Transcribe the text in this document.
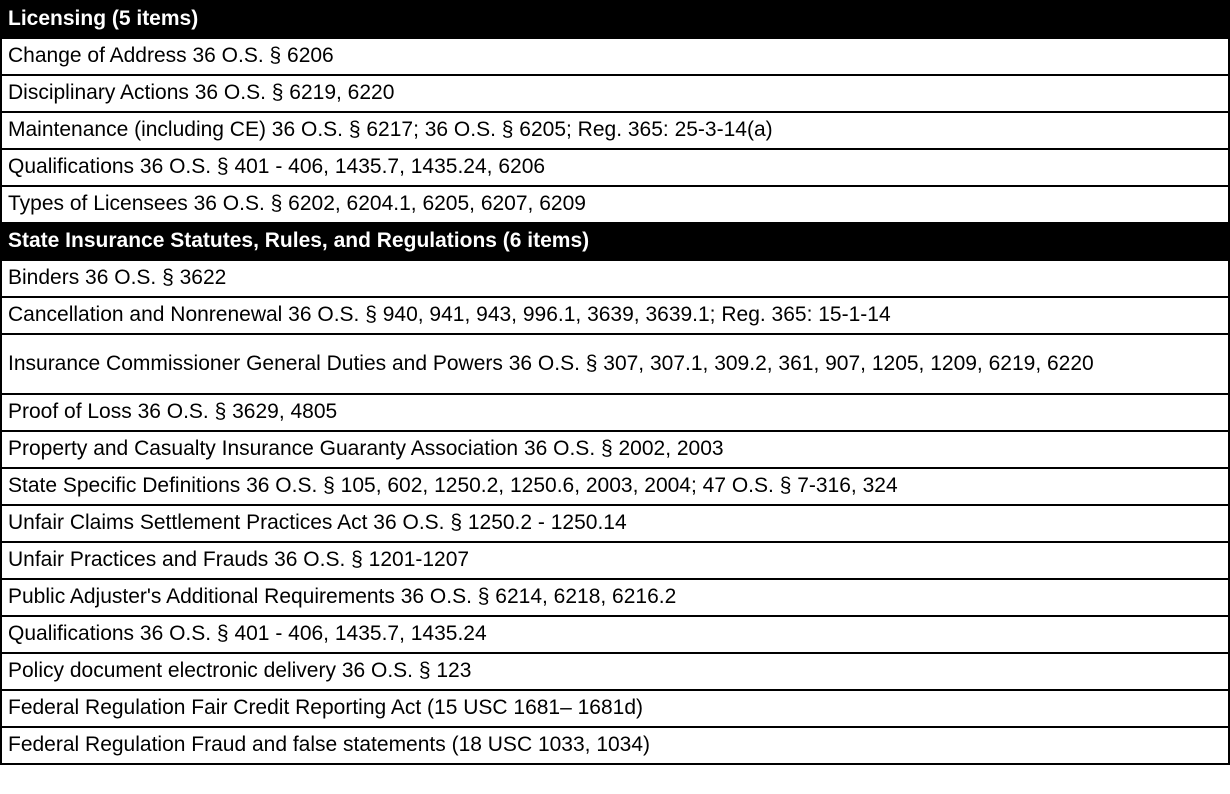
Licensing (5 items)
Change of Address 36 O.S. § 6206
Disciplinary Actions 36 O.S. § 6219, 6220
Maintenance (including CE) 36 O.S. § 6217; 36 O.S. § 6205; Reg. 365: 25-3-14(a)
Qualifications 36 O.S. § 401 - 406, 1435.7, 1435.24, 6206
Types of Licensees 36 O.S. § 6202, 6204.1, 6205, 6207, 6209
State Insurance Statutes, Rules, and Regulations (6 items)
Binders 36 O.S. § 3622
Cancellation and Nonrenewal 36 O.S. § 940, 941, 943, 996.1, 3639, 3639.1; Reg. 365: 15-1-14
Insurance Commissioner General Duties and Powers 36 O.S. § 307, 307.1, 309.2, 361, 907, 1205, 1209, 6219, 6220
Proof of Loss 36 O.S. § 3629, 4805
Property and Casualty Insurance Guaranty Association 36 O.S. § 2002, 2003
State Specific Definitions 36 O.S. § 105, 602, 1250.2, 1250.6, 2003, 2004; 47 O.S. § 7-316, 324
Unfair Claims Settlement Practices Act 36 O.S. § 1250.2 - 1250.14
Unfair Practices and Frauds 36 O.S. § 1201-1207
Public Adjuster's Additional Requirements 36 O.S. § 6214, 6218, 6216.2
Qualifications 36 O.S. § 401 - 406, 1435.7, 1435.24
Policy document electronic delivery 36 O.S. § 123
Federal Regulation Fair Credit Reporting Act (15 USC 1681– 1681d)
Federal Regulation Fraud and false statements (18 USC 1033, 1034)
